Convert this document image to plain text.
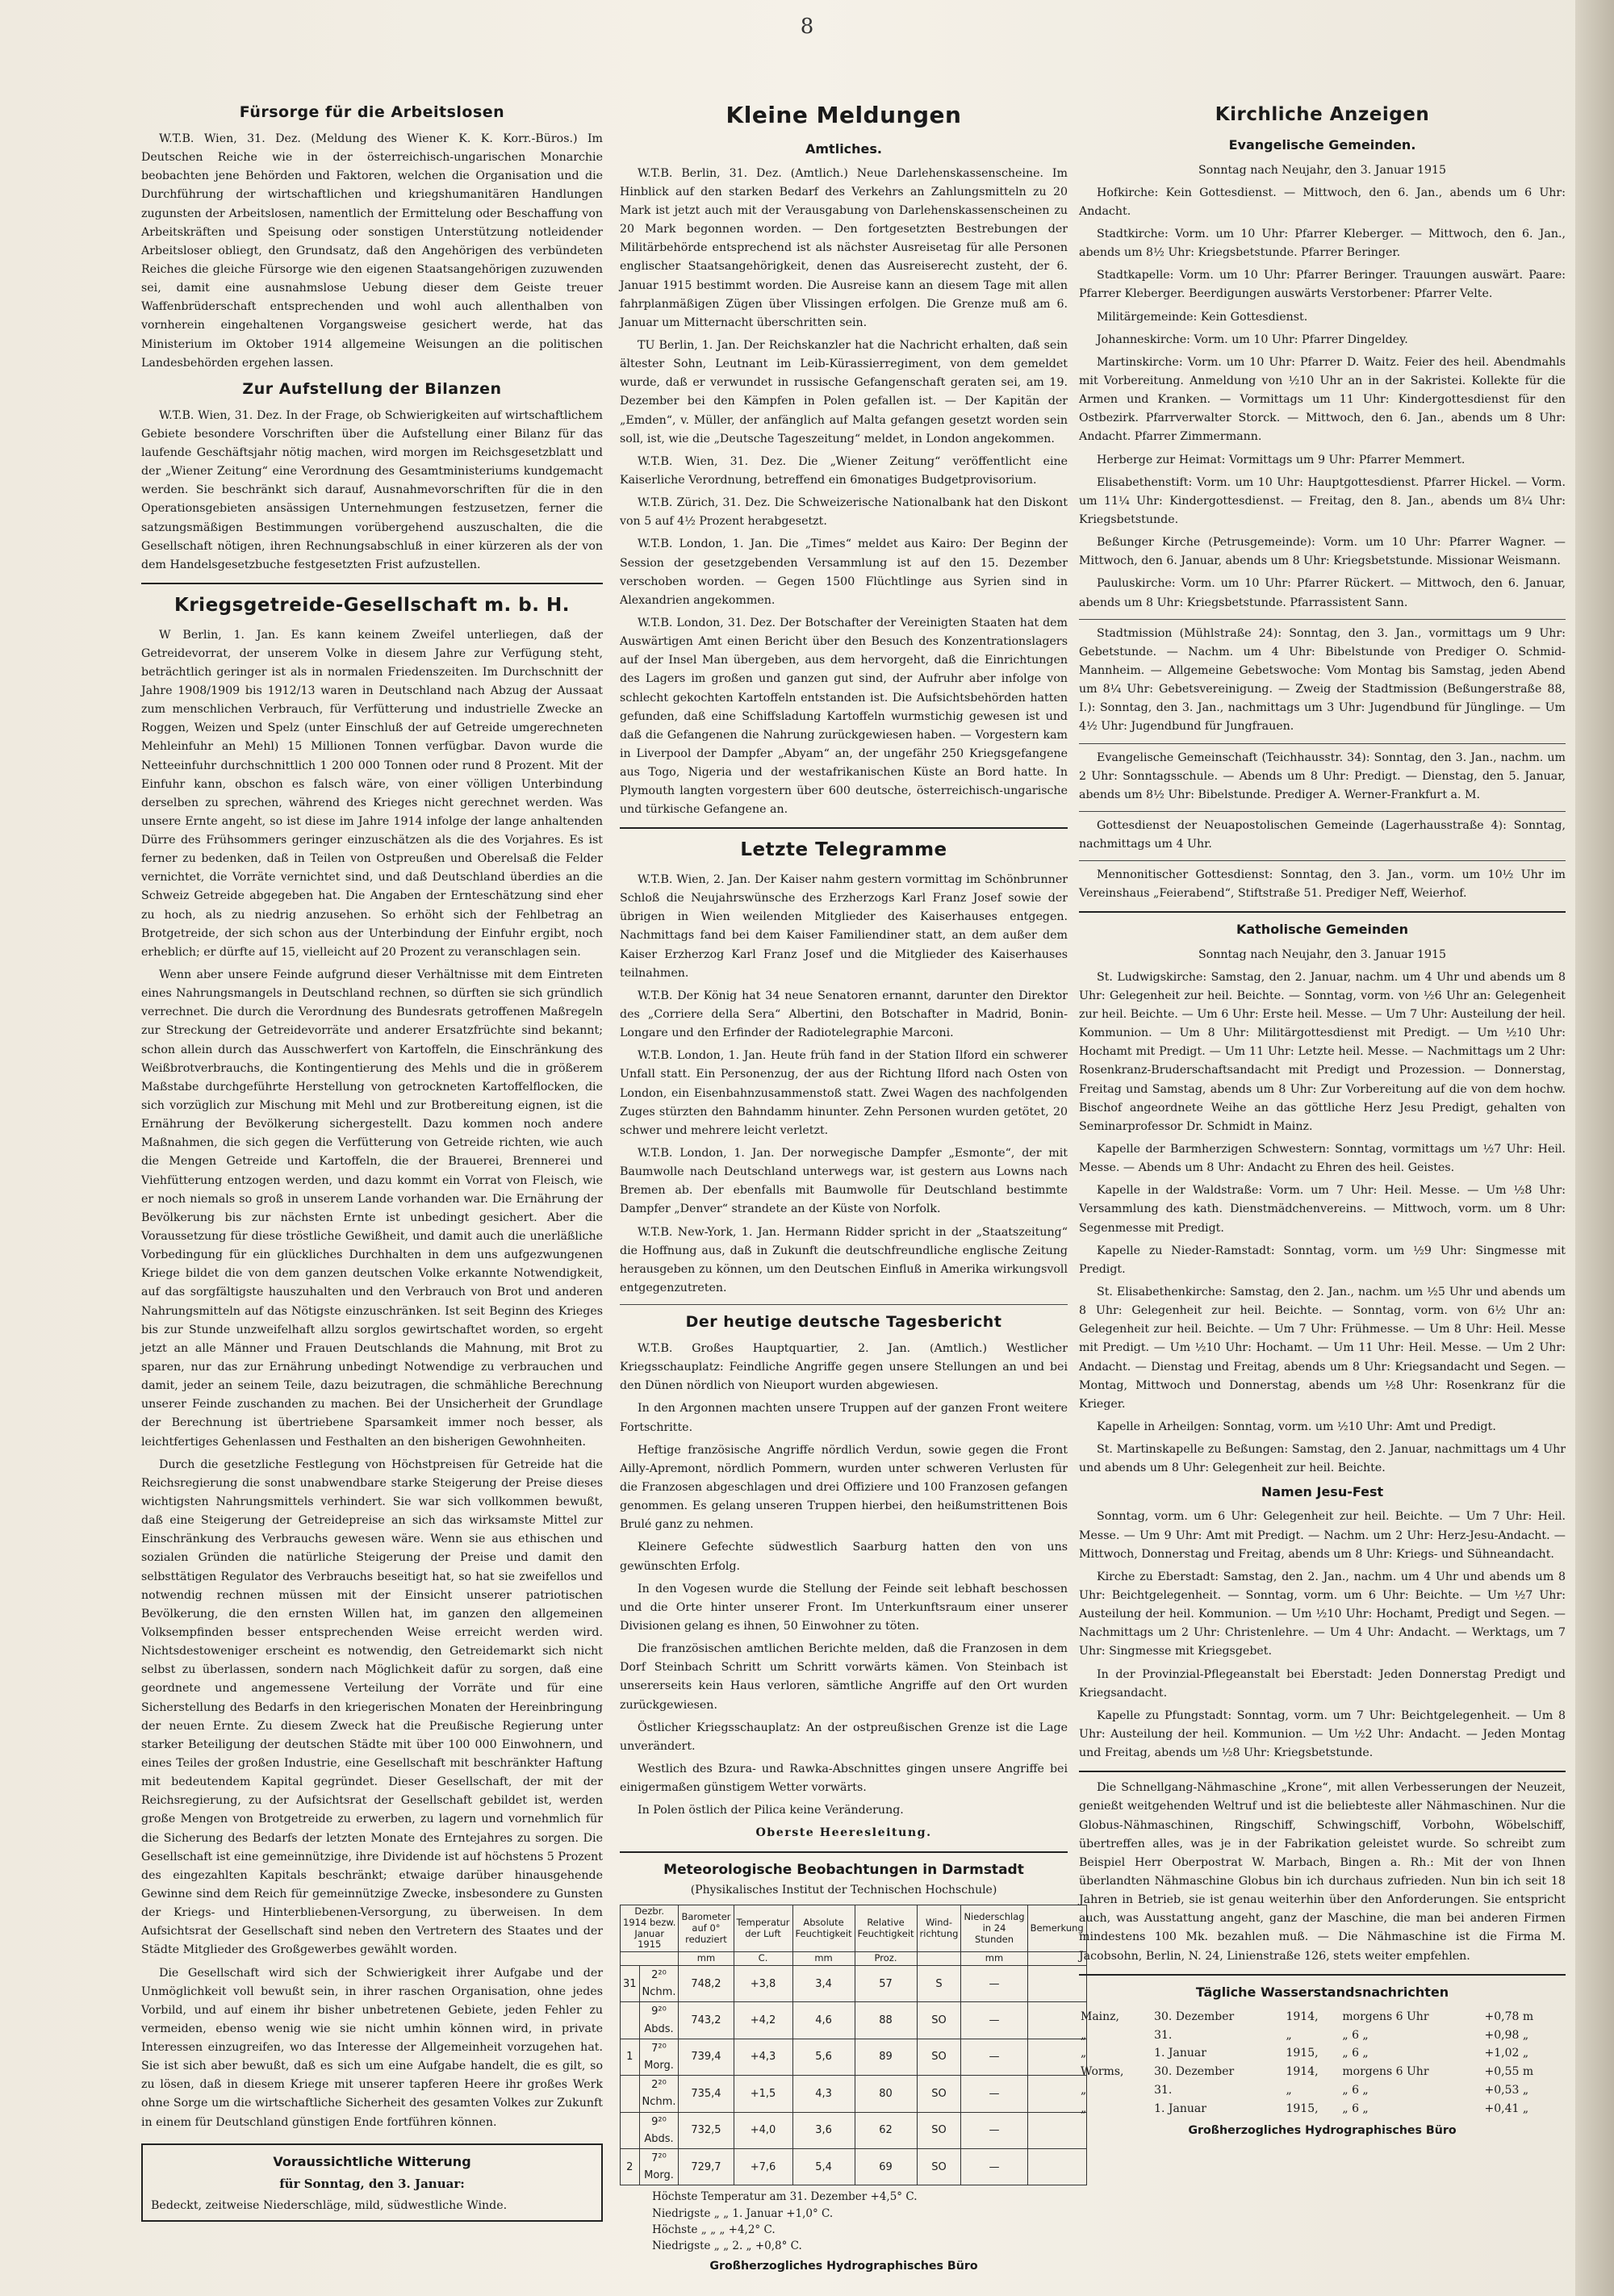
8
Fürsorge für die Arbeitslosen

W.T.B. Wien, 31. Dez. (Meldung des Wiener K. K. Korr.-Büros.) Im Deutschen Reiche wie in der österreichisch-ungarischen Monarchie beobachten jene Behörden und Faktoren, welchen die Organisation und die Durchführung der wirtschaftlichen und kriegshumanitären Handlungen zugunsten der Arbeitslosen, namentlich der Ermittelung oder Beschaffung von Arbeitskräften und Speisung oder sonstigen Unterstützung notleidender Arbeitsloser obliegt, den Grundsatz, daß den Angehörigen des verbündeten Reiches die gleiche Fürsorge wie den eigenen Staatsangehörigen zuzuwenden sei, damit eine ausnahmslose Uebung dieser dem Geiste treuer Waffenbrüderschaft entsprechenden und wohl auch allenthalben von vornherein eingehaltenen Vorgangsweise gesichert werde, hat das Ministerium im Oktober 1914 allgemeine Weisungen an die politischen Landesbehörden ergehen lassen.

Zur Aufstellung der Bilanzen

W.T.B. Wien, 31. Dez. In der Frage, ob Schwierigkeiten auf wirtschaftlichem Gebiete besondere Vorschriften über die Aufstellung einer Bilanz für das laufende Geschäftsjahr nötig machen, wird morgen im Reichsgesetzblatt und der „Wiener Zeitung“ eine Verordnung des Gesamtministeriums kundgemacht werden. Sie beschränkt sich darauf, Ausnahmevorschriften für die in den Operationsgebieten ansässigen Unternehmungen festzusetzen, ferner die satzungsmäßigen Bestimmungen vorübergehend auszuschalten, die die Gesellschaft nötigen, ihren Rechnungsabschluß in einer kürzeren als der von dem Handelsgesetzbuche festgesetzten Frist aufzustellen.

Kriegsgetreide-Gesellschaft m. b. H.

W Berlin, 1. Jan. Es kann keinem Zweifel unterliegen, daß der Getreidevorrat, der unserem Volke in diesem Jahre zur Verfügung steht, beträchtlich geringer ist als in normalen Friedenszeiten. Im Durchschnitt der Jahre 1908/1909 bis 1912/13 waren in Deutschland nach Abzug der Aussaat zum menschlichen Verbrauch, für Verfütterung und industrielle Zwecke an Roggen, Weizen und Spelz (unter Einschluß der auf Getreide umgerechneten Mehleinfuhr an Mehl) 15 Millionen Tonnen verfügbar. Davon wurde die Netteeinfuhr durchschnittlich 1 200 000 Tonnen oder rund 8 Prozent. Mit der Einfuhr kann, obschon es falsch wäre, von einer völligen Unterbindung derselben zu sprechen, während des Krieges nicht gerechnet werden. Was unsere Ernte angeht, so ist diese im Jahre 1914 infolge der lange anhaltenden Dürre des Frühsommers geringer einzuschätzen als die des Vorjahres. Es ist ferner zu bedenken, daß in Teilen von Ostpreußen und Oberelsaß die Felder vernichtet, die Vorräte vernichtet sind, und daß Deutschland überdies an die Schweiz Getreide abgegeben hat. Die Angaben der Ernteschätzung sind eher zu hoch, als zu niedrig anzusehen. So erhöht sich der Fehlbetrag an Brotgetreide, der sich schon aus der Unterbindung der Einfuhr ergibt, noch erheblich; er dürfte auf 15, vielleicht auf 20 Prozent zu veranschlagen sein.

Wenn aber unsere Feinde aufgrund dieser Verhältnisse mit dem Eintreten eines Nahrungsmangels in Deutschland rechnen, so dürften sie sich gründlich verrechnet. Die durch die Verordnung des Bundesrats getroffenen Maßregeln zur Streckung der Getreidevorräte und anderer Ersatzfrüchte sind bekannt; schon allein durch das Ausschwerfert von Kartoffeln, die Einschränkung des Weißbrotverbrauchs, die Kontingentierung des Mehls und die in größerem Maßstabe durchgeführte Herstellung von getrockneten Kartoffelflocken, die sich vorzüglich zur Mischung mit Mehl und zur Brotbereitung eignen, ist die Ernährung der Bevölkerung sichergestellt. Dazu kommen noch andere Maßnahmen, die sich gegen die Verfütterung von Getreide richten, wie auch die Mengen Getreide und Kartoffeln, die der Brauerei, Brennerei und Viehfütterung entzogen werden, und dazu kommt ein Vorrat von Fleisch, wie er noch niemals so groß in unserem Lande vorhanden war. Die Ernährung der Bevölkerung bis zur nächsten Ernte ist unbedingt gesichert. Aber die Voraussetzung für diese tröstliche Gewißheit, und damit auch die unerläßliche Vorbedingung für ein glückliches Durchhalten in dem uns aufgezwungenen Kriege bildet die von dem ganzen deutschen Volke erkannte Notwendigkeit, auf das sorgfältigste hauszuhalten und den Verbrauch von Brot und anderen Nahrungsmitteln auf das Nötigste einzuschränken. Ist seit Beginn des Krieges bis zur Stunde unzweifelhaft allzu sorglos gewirtschaftet worden, so ergeht jetzt an alle Männer und Frauen Deutschlands die Mahnung, mit Brot zu sparen, nur das zur Ernährung unbedingt Notwendige zu verbrauchen und damit, jeder an seinem Teile, dazu beizutragen, die schmähliche Berechnung unserer Feinde zuschanden zu machen. Bei der Unsicherheit der Grundlage der Berechnung ist übertriebene Sparsamkeit immer noch besser, als leichtfertiges Gehenlassen und Festhalten an den bisherigen Gewohnheiten.

Durch die gesetzliche Festlegung von Höchstpreisen für Getreide hat die Reichsregierung die sonst unabwendbare starke Steigerung der Preise dieses wichtigsten Nahrungsmittels verhindert. Sie war sich vollkommen bewußt, daß eine Steigerung der Getreidepreise an sich das wirksamste Mittel zur Einschränkung des Verbrauchs gewesen wäre. Wenn sie aus ethischen und sozialen Gründen die natürliche Steigerung der Preise und damit den selbsttätigen Regulator des Verbrauchs beseitigt hat, so hat sie zweifellos und notwendig rechnen müssen mit der Einsicht unserer patriotischen Bevölkerung, die den ernsten Willen hat, im ganzen den allgemeinen Volksempfinden besser entsprechenden Weise erreicht werden wird. Nichtsdestoweniger erscheint es notwendig, den Getreidemarkt sich nicht selbst zu überlassen, sondern nach Möglichkeit dafür zu sorgen, daß eine geordnete und angemessene Verteilung der Vorräte und für eine Sicherstellung des Bedarfs in den kriegerischen Monaten der Hereinbringung der neuen Ernte. Zu diesem Zweck hat die Preußische Regierung unter starker Beteiligung der deutschen Städte mit über 100 000 Einwohnern, und eines Teiles der großen Industrie, eine Gesellschaft mit beschränkter Haftung mit bedeutendem Kapital gegründet. Dieser Gesellschaft, der mit der Reichsregierung, zu der Aufsichtsrat der Gesellschaft gebildet ist, werden große Mengen von Brotgetreide zu erwerben, zu lagern und vornehmlich für die Sicherung des Bedarfs der letzten Monate des Erntejahres zu sorgen. Die Gesellschaft ist eine gemeinnützige, ihre Dividende ist auf höchstens 5 Prozent des eingezahlten Kapitals beschränkt; etwaige darüber hinausgehende Gewinne sind dem Reich für gemeinnützige Zwecke, insbesondere zu Gunsten der Kriegs- und Hinterbliebenen-Versorgung, zu überweisen. In dem Aufsichtsrat der Gesellschaft sind neben den Vertretern des Staates und der Städte Mitglieder des Großgewerbes gewählt worden.

Die Gesellschaft wird sich der Schwierigkeit ihrer Aufgabe und der Unmöglichkeit voll bewußt sein, in ihrer raschen Organisation, ohne jedes Vorbild, und auf einem ihr bisher unbetretenen Gebiete, jeden Fehler zu vermeiden, ebenso wenig wie sie nicht umhin können wird, in private Interessen einzugreifen, wo das Interesse der Allgemeinheit vorzugehen hat. Sie ist sich aber bewußt, daß es sich um eine Aufgabe handelt, die es gilt, so zu lösen, daß in diesem Kriege mit unserer tapferen Heere ihr großes Werk ohne Sorge um die wirtschaftliche Sicherheit des gesamten Volkes zur Zukunft in einem für Deutschland günstigen Ende fortführen können.

Voraussichtliche Witterung
für Sonntag, den 3. Januar:
Bedeckt, zeitweise Niederschläge, mild, südwestliche Winde.
Kleine Meldungen
Amtliches.

W.T.B. Berlin, 31. Dez. (Amtlich.) Neue Darlehenskassenscheine. Im Hinblick auf den starken Bedarf des Verkehrs an Zahlungsmitteln zu 20 Mark ist jetzt auch mit der Verausgabung von Darlehenskassenscheinen zu 20 Mark begonnen worden. — Den fortgesetzten Bestrebungen der Militärbehörde entsprechend ist als nächster Ausreisetag für alle Personen englischer Staatsangehörigkeit, denen das Ausreiserecht zusteht, der 6. Januar 1915 bestimmt worden. Die Ausreise kann an diesem Tage mit allen fahrplanmäßigen Zügen über Vlissingen erfolgen. Die Grenze muß am 6. Januar um Mitternacht überschritten sein.

TU Berlin, 1. Jan. Der Reichskanzler hat die Nachricht erhalten, daß sein ältester Sohn, Leutnant im Leib-Kürassierregiment, von dem gemeldet wurde, daß er verwundet in russische Gefangenschaft geraten sei, am 19. Dezember bei den Kämpfen in Polen gefallen ist. — Der Kapitän der „Emden“, v. Müller, der anfänglich auf Malta gefangen gesetzt worden sein soll, ist, wie die „Deutsche Tageszeitung“ meldet, in London angekommen.

W.T.B. Wien, 31. Dez. Die „Wiener Zeitung“ veröffentlicht eine Kaiserliche Verordnung, betreffend ein 6monatiges Budgetprovisorium.

W.T.B. Zürich, 31. Dez. Die Schweizerische Nationalbank hat den Diskont von 5 auf 4½ Prozent herabgesetzt.

W.T.B. London, 1. Jan. Die „Times“ meldet aus Kairo: Der Beginn der Session der gesetzgebenden Versammlung ist auf den 15. Dezember verschoben worden. — Gegen 1500 Flüchtlinge aus Syrien sind in Alexandrien angekommen.

W.T.B. London, 31. Dez. Der Botschafter der Vereinigten Staaten hat dem Auswärtigen Amt einen Bericht über den Besuch des Konzentrationslagers auf der Insel Man übergeben, aus dem hervorgeht, daß die Einrichtungen des Lagers im großen und ganzen gut sind, der Aufruhr aber infolge von schlecht gekochten Kartoffeln entstanden ist. Die Aufsichtsbehörden hatten gefunden, daß eine Schiffsladung Kartoffeln wurmstichig gewesen ist und daß die Gefangenen die Nahrung zurückgewiesen haben. — Vorgestern kam in Liverpool der Dampfer „Abyam“ an, der ungefähr 250 Kriegsgefangene aus Togo, Nigeria und der westafrikanischen Küste an Bord hatte. In Plymouth langten vorgestern über 600 deutsche, österreichisch-ungarische und türkische Gefangene an.

Letzte Telegramme

W.T.B. Wien, 2. Jan. Der Kaiser nahm gestern vormittag im Schönbrunner Schloß die Neujahrswünsche des Erzherzogs Karl Franz Josef sowie der übrigen in Wien weilenden Mitglieder des Kaiserhauses entgegen. Nachmittags fand bei dem Kaiser Familiendiner statt, an dem außer dem Kaiser Erzherzog Karl Franz Josef und die Mitglieder des Kaiserhauses teilnahmen.

W.T.B. Der König hat 34 neue Senatoren ernannt, darunter den Direktor des „Corriere della Sera“ Albertini, den Botschafter in Madrid, Bonin-Longare und den Erfinder der Radiotelegraphie Marconi.

W.T.B. London, 1. Jan. Heute früh fand in der Station Ilford ein schwerer Unfall statt. Ein Personenzug, der aus der Richtung Ilford nach Osten von London, ein Eisenbahnzusammenstoß statt. Zwei Wagen des nachfolgenden Zuges stürzten den Bahndamm hinunter. Zehn Personen wurden getötet, 20 schwer und mehrere leicht verletzt.

W.T.B. London, 1. Jan. Der norwegische Dampfer „Esmonte“, der mit Baumwolle nach Deutschland unterwegs war, ist gestern aus Lowns nach Bremen ab. Der ebenfalls mit Baumwolle für Deutschland bestimmte Dampfer „Denver“ strandete an der Küste von Norfolk.

W.T.B. New-York, 1. Jan. Hermann Ridder spricht in der „Staatszeitung“ die Hoffnung aus, daß in Zukunft die deutschfreundliche englische Zeitung herausgeben zu können, um den Deutschen Einfluß in Amerika wirkungsvoll entgegenzutreten.

Der heutige deutsche Tagesbericht

W.T.B. Großes Hauptquartier, 2. Jan. (Amtlich.) Westlicher Kriegsschauplatz: Feindliche Angriffe gegen unsere Stellungen an und bei den Dünen nördlich von Nieuport wurden abgewiesen.

In den Argonnen machten unsere Truppen auf der ganzen Front weitere Fortschritte.

Heftige französische Angriffe nördlich Verdun, sowie gegen die Front Ailly-Apremont, nördlich Pommern, wurden unter schweren Verlusten für die Franzosen abgeschlagen und drei Offiziere und 100 Franzosen gefangen genommen. Es gelang unseren Truppen hierbei, den heißumstrittenen Bois Brulé ganz zu nehmen.

Kleinere Gefechte südwestlich Saarburg hatten den von uns gewünschten Erfolg.

In den Vogesen wurde die Stellung der Feinde seit lebhaft beschossen und die Orte hinter unserer Front. Im Unterkunftsraum einer unserer Divisionen gelang es ihnen, 50 Einwohner zu töten.

Die französischen amtlichen Berichte melden, daß die Franzosen in dem Dorf Steinbach Schritt um Schritt vorwärts kämen. Von Steinbach ist unsererseits kein Haus verloren, sämtliche Angriffe auf den Ort wurden zurückgewiesen.

Östlicher Kriegsschauplatz: An der ostpreußischen Grenze ist die Lage unverändert.

Westlich des Bzura- und Rawka-Abschnittes gingen unsere Angriffe bei einigermaßen günstigem Wetter vorwärts.

In Polen östlich der Pilica keine Veränderung.

Oberste Heeresleitung.

Meteorologische Beobachtungen in Darmstadt
(Physikalisches Institut der Technischen Hochschule)
Dezbr. 1914 bezw. Januar 1915		Barometer auf 0° reduziert	Temperatur der Luft	Absolute Feuchtigkeit	Relative Feuchtigkeit	Wind-richtung	Niederschlag in 24 Stunden	Bemerkung
		mm	C.	mm	Proz.		mm	
31	2²⁰ Nchm.	748,2	+3,8	3,4	57	S	—	
	9²⁰ Abds.	743,2	+4,2	4,6	88	SO	—	
1	7²⁰ Morg.	739,4	+4,3	5,6	89	SO	—	
	2²⁰ Nchm.	735,4	+1,5	4,3	80	SO	—	
	9²⁰ Abds.	732,5	+4,0	3,6	62	SO	—	
2	7²⁰ Morg.	729,7	+7,6	5,4	69	SO	—	
Höchste Temperatur am 31. Dezember +4,5° C.
Niedrigste „ „ 1. Januar +1,0° C.
Höchste „ „ „ +4,2° C.
Niedrigste „ „ 2. „ +0,8° C.
Großherzogliches Hydrographisches Büro
Kirchliche Anzeigen
Evangelische Gemeinden.

Sonntag nach Neujahr, den 3. Januar 1915

Hofkirche: Kein Gottesdienst. — Mittwoch, den 6. Jan., abends um 6 Uhr: Andacht.

Stadtkirche: Vorm. um 10 Uhr: Pfarrer Kleberger. — Mittwoch, den 6. Jan., abends um 8½ Uhr: Kriegsbetstunde. Pfarrer Beringer.

Stadtkapelle: Vorm. um 10 Uhr: Pfarrer Beringer. Trauungen auswärt. Paare: Pfarrer Kleberger. Beerdigungen auswärts Verstorbener: Pfarrer Velte.

Militärgemeinde: Kein Gottesdienst.

Johanneskirche: Vorm. um 10 Uhr: Pfarrer Dingeldey.

Martinskirche: Vorm. um 10 Uhr: Pfarrer D. Waitz. Feier des heil. Abendmahls mit Vorbereitung. Anmeldung von ½10 Uhr an in der Sakristei. Kollekte für die Armen und Kranken. — Vormittags um 11 Uhr: Kindergottesdienst für den Ostbezirk. Pfarrverwalter Storck. — Mittwoch, den 6. Jan., abends um 8 Uhr: Andacht. Pfarrer Zimmermann.

Herberge zur Heimat: Vormittags um 9 Uhr: Pfarrer Memmert.

Elisabethenstift: Vorm. um 10 Uhr: Hauptgottesdienst. Pfarrer Hickel. — Vorm. um 11¼ Uhr: Kindergottesdienst. — Freitag, den 8. Jan., abends um 8¼ Uhr: Kriegsbetstunde.

Beßunger Kirche (Petrusgemeinde): Vorm. um 10 Uhr: Pfarrer Wagner. — Mittwoch, den 6. Januar, abends um 8 Uhr: Kriegsbetstunde. Missionar Weismann.

Pauluskirche: Vorm. um 10 Uhr: Pfarrer Rückert. — Mittwoch, den 6. Januar, abends um 8 Uhr: Kriegsbetstunde. Pfarrassistent Sann.

Stadtmission (Mühlstraße 24): Sonntag, den 3. Jan., vormittags um 9 Uhr: Gebetstunde. — Nachm. um 4 Uhr: Bibelstunde von Prediger O. Schmid-Mannheim. — Allgemeine Gebetswoche: Vom Montag bis Samstag, jeden Abend um 8¼ Uhr: Gebetsvereinigung. — Zweig der Stadtmission (Beßungerstraße 88, I.): Sonntag, den 3. Jan., nachmittags um 3 Uhr: Jugendbund für Jünglinge. — Um 4½ Uhr: Jugendbund für Jungfrauen.

Evangelische Gemeinschaft (Teichhausstr. 34): Sonntag, den 3. Jan., nachm. um 2 Uhr: Sonntagsschule. — Abends um 8 Uhr: Predigt. — Dienstag, den 5. Januar, abends um 8½ Uhr: Bibelstunde. Prediger A. Werner-Frankfurt a. M.

Gottesdienst der Neuapostolischen Gemeinde (Lagerhausstraße 4): Sonntag, nachmittags um 4 Uhr.

Mennonitischer Gottesdienst: Sonntag, den 3. Jan., vorm. um 10½ Uhr im Vereinshaus „Feierabend“, Stiftstraße 51. Prediger Neff, Weierhof.

Katholische Gemeinden

Sonntag nach Neujahr, den 3. Januar 1915

St. Ludwigskirche: Samstag, den 2. Januar, nachm. um 4 Uhr und abends um 8 Uhr: Gelegenheit zur heil. Beichte. — Sonntag, vorm. von ½6 Uhr an: Gelegenheit zur heil. Beichte. — Um 6 Uhr: Erste heil. Messe. — Um 7 Uhr: Austeilung der heil. Kommunion. — Um 8 Uhr: Militärgottesdienst mit Predigt. — Um ½10 Uhr: Hochamt mit Predigt. — Um 11 Uhr: Letzte heil. Messe. — Nachmittags um 2 Uhr: Rosenkranz-Bruderschaftsandacht mit Predigt und Prozession. — Donnerstag, Freitag und Samstag, abends um 8 Uhr: Zur Vorbereitung auf die von dem hochw. Bischof angeordnete Weihe an das göttliche Herz Jesu Predigt, gehalten von Seminarprofessor Dr. Schmidt in Mainz.

Kapelle der Barmherzigen Schwestern: Sonntag, vormittags um ½7 Uhr: Heil. Messe. — Abends um 8 Uhr: Andacht zu Ehren des heil. Geistes.

Kapelle in der Waldstraße: Vorm. um 7 Uhr: Heil. Messe. — Um ½8 Uhr: Versammlung des kath. Dienstmädchenvereins. — Mittwoch, vorm. um 8 Uhr: Segenmesse mit Predigt.

Kapelle zu Nieder-Ramstadt: Sonntag, vorm. um ½9 Uhr: Singmesse mit Predigt.

St. Elisabethenkirche: Samstag, den 2. Jan., nachm. um ½5 Uhr und abends um 8 Uhr: Gelegenheit zur heil. Beichte. — Sonntag, vorm. von 6½ Uhr an: Gelegenheit zur heil. Beichte. — Um 7 Uhr: Frühmesse. — Um 8 Uhr: Heil. Messe mit Predigt. — Um ½10 Uhr: Hochamt. — Um 11 Uhr: Heil. Messe. — Um 2 Uhr: Andacht. — Dienstag und Freitag, abends um 8 Uhr: Kriegsandacht und Segen. — Montag, Mittwoch und Donnerstag, abends um ½8 Uhr: Rosenkranz für die Krieger.

Kapelle in Arheilgen: Sonntag, vorm. um ½10 Uhr: Amt und Predigt.

St. Martinskapelle zu Beßungen: Samstag, den 2. Januar, nachmittags um 4 Uhr und abends um 8 Uhr: Gelegenheit zur heil. Beichte.

Namen Jesu-Fest

Sonntag, vorm. um 6 Uhr: Gelegenheit zur heil. Beichte. — Um 7 Uhr: Heil. Messe. — Um 9 Uhr: Amt mit Predigt. — Nachm. um 2 Uhr: Herz-Jesu-Andacht. — Mittwoch, Donnerstag und Freitag, abends um 8 Uhr: Kriegs- und Sühneandacht.

Kirche zu Eberstadt: Samstag, den 2. Jan., nachm. um 4 Uhr und abends um 8 Uhr: Beichtgelegenheit. — Sonntag, vorm. um 6 Uhr: Beichte. — Um ½7 Uhr: Austeilung der heil. Kommunion. — Um ½10 Uhr: Hochamt, Predigt und Segen. — Nachmittags um 2 Uhr: Christenlehre. — Um 4 Uhr: Andacht. — Werktags, um 7 Uhr: Singmesse mit Kriegsgebet.

In der Provinzial-Pflegeanstalt bei Eberstadt: Jeden Donnerstag Predigt und Kriegsandacht.

Kapelle zu Pfungstadt: Sonntag, vorm. um 7 Uhr: Beichtgelegenheit. — Um 8 Uhr: Austeilung der heil. Kommunion. — Um ½2 Uhr: Andacht. — Jeden Montag und Freitag, abends um ½8 Uhr: Kriegsbetstunde.

Die Schnellgang-Nähmaschine „Krone“, mit allen Verbesserungen der Neuzeit, genießt weitgehenden Weltruf und ist die beliebteste aller Nähmaschinen. Nur die Globus-Nähmaschinen, Ringschiff, Schwingschiff, Vorbohn, Wöbelschiff, übertreffen alles, was je in der Fabrikation geleistet wurde. So schreibt zum Beispiel Herr Oberpostrat W. Marbach, Bingen a. Rh.: Mit der von Ihnen überlandten Nähmaschine Globus bin ich durchaus zufrieden. Nun bin ich seit 18 Jahren in Betrieb, sie ist genau weiterhin über den Anforderungen. Sie entspricht auch, was Ausstattung angeht, ganz der Maschine, die man bei anderen Firmen mindestens 100 Mk. bezahlen muß. — Die Nähmaschine ist die Firma M. Jacobsohn, Berlin, N. 24, Linienstraße 126, stets weiter empfehlen.

Tägliche Wasserstandsnachrichten
Mainz,	30. Dezember	1914,	morgens 6 Uhr	+0,78 m
„	31.	„	„ 6 „	+0,98 „
„	1. Januar	1915,	„ 6 „	+1,02 „
Worms,	30. Dezember	1914,	morgens 6 Uhr	+0,55 m
„	31.	„	„ 6 „	+0,53 „
„	1. Januar	1915,	„ 6 „	+0,41 „
Großherzogliches Hydrographisches Büro
